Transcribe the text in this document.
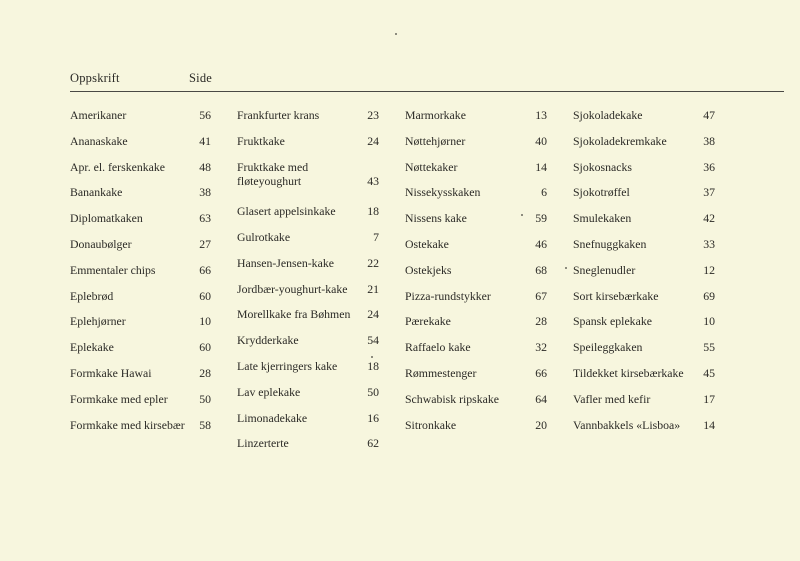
Oppskrift	Side
Amerikaner	56
Ananaskake	41
Apr. el. ferskenkake	48
Banankake	38
Diplomatkaken	63
Donaubølger	27
Emmentaler chips	66
Eplebrød	60
Eplehjørner	10
Eplekake	60
Formkake Hawai	28
Formkake med epler	50
Formkake med kirsebær 58
Frankfurter krans	23
Fruktkake	24
Fruktkake med fløteyoughurt	43
Glasert appelsinkake	18
Gulrotkake	7
Hansen-Jensen-kake	22
Jordbær-youghurt-kake 21
Morellkake fra Bøhmen 24
Krydderkake	54
Late kjerringers kake	18
Lav eplekake	50
Limonadekake	16
Linzerterte	62
Marmorkake	13
Nøttehjørner	40
Nøttekaker	14
Nissekysskaken	6
Nissens kake	59
Ostekake	46
Ostekjeks	68
Pizza-rundstykker	67
Pærekake	28
Raffaelo kake	32
Rømmestenger	66
Schwabisk ripskake	64
Sitronkake	20
Sjokoladekake	47
Sjokoladekremkake	38
Sjokosnacks	36
Sjokotrøffel	37
Smulekaken	42
Snefnuggkaken	33
Sneglenudler	12
Sort kirsebærkake	69
Spansk eplekake	10
Speileggkaken	55
Tildekket kirsebærkake 45
Vafler med kefir	17
Vannbakkels «Lisboa» 14
